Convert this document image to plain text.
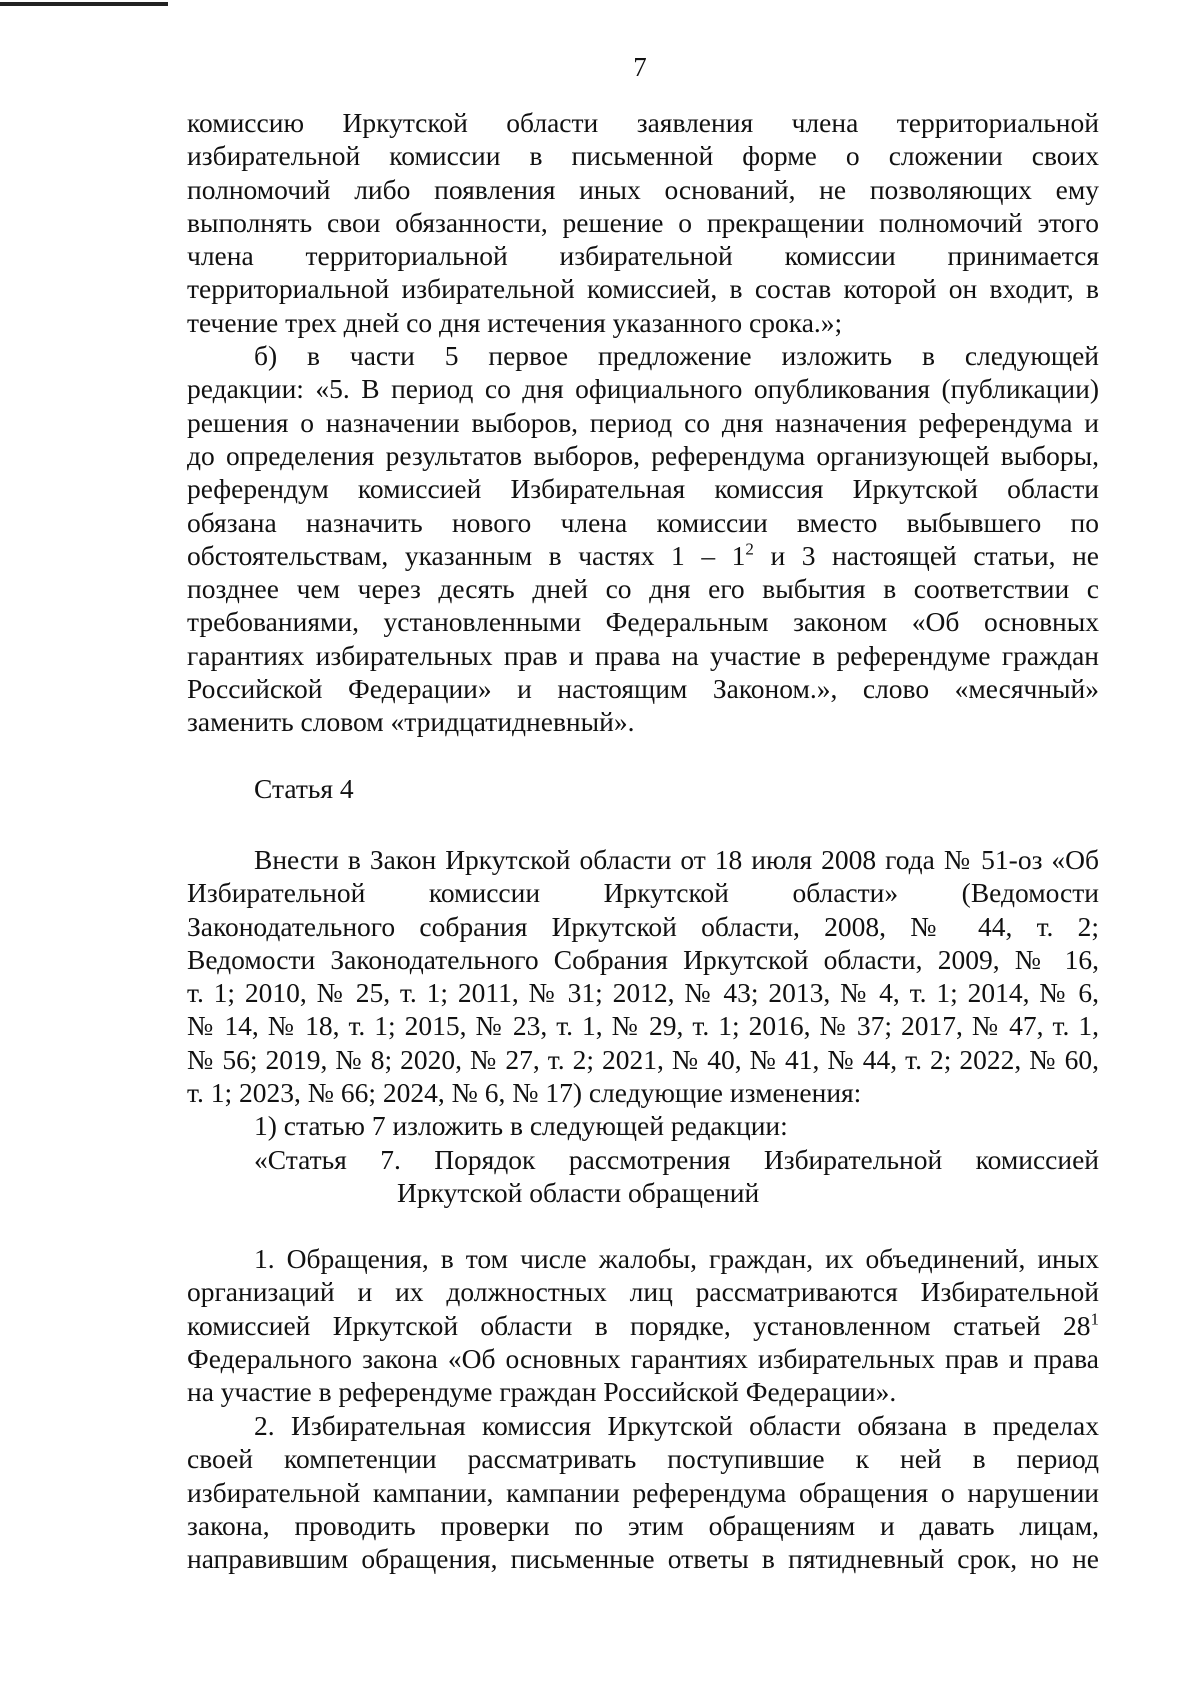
7
комиссию Иркутской области заявления члена территориальной
избирательной комиссии в письменной форме о сложении своих
полномочий либо появления иных оснований, не позволяющих ему
выполнять свои обязанности, решение о прекращении полномочий этого
члена территориальной избирательной комиссии принимается
территориальной избирательной комиссией, в состав которой он входит, в
течение трех дней со дня истечения указанного срока.»;
б) в части 5 первое предложение изложить в следующей
редакции: «5. В период со дня официального опубликования (публикации)
решения о назначении выборов, период со дня назначения референдума и
до определения результатов выборов, референдума организующей выборы,
референдум комиссией Избирательная комиссия Иркутской области
обязана назначить нового члена комиссии вместо выбывшего по
обстоятельствам, указанным в частях $1 - 1^2$ и 3 настоящей статьи, не
позднее чем через десять дней со дня его выбытия в соответствии с
требованиями, установленными Федеральным законом «Об основных
гарантиях избирательных прав и права на участие в референдуме граждан
Российской Федерации» и настоящим Законом.», слово «месячный»
заменить словом «тридцатидневный».
Статья 4
Внести в Закон Иркутской области от 18 июля 2008 года № 51-оз «Об
Избирательной комиссии Иркутской области» (Ведомости
Законодательного собрания Иркутской области, 2008, № 44, т. 2;
Ведомости Законодательного Собрания Иркутской области, 2009, № 16,
т. 1; 2010, № 25, т. 1; 2011, № 31; 2012, № 43; 2013, № 4, т. 1; 2014, № 6,
№ 14, № 18, т. 1; 2015, № 23, т. 1, № 29, т. 1; 2016, № 37; 2017, № 47, т. 1,
№ 56; 2019, № 8; 2020, № 27, т. 2; 2021, № 40, № 41, № 44, т. 2; 2022, № 60,
т. 1; 2023, № 66; 2024, № 6, № 17) следующие изменения:
1) статью 7 изложить в следующей редакции:
«Статья 7. Порядок рассмотрения Избирательной комиссией
Иркутской области обращений
1. Обращения, в том числе жалобы, граждан, их объединений, иных
организаций и их должностных лиц рассматриваются Избирательной
комиссией Иркутской области в порядке, установленном статьей $28^1$
Федерального закона «Об основных гарантиях избирательных прав и права
на участие в референдуме граждан Российской Федерации».
2. Избирательная комиссия Иркутской области обязана в пределах
своей компетенции рассматривать поступившие к ней в период
избирательной кампании, кампании референдума обращения о нарушении
закона, проводить проверки по этим обращениям и давать лицам,
направившим обращения, письменные ответы в пятидневный срок, но не
